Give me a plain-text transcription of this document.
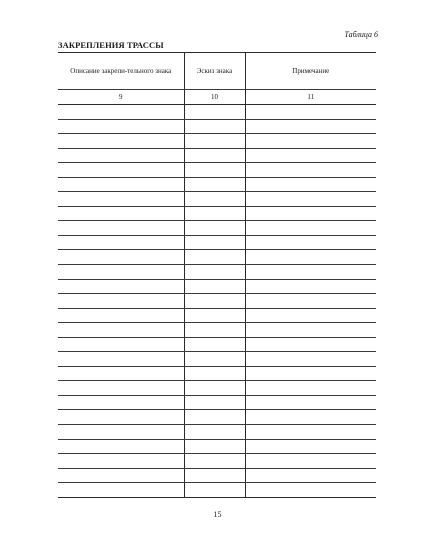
Таблица 6
ЗАКРЕПЛЕНИЯ ТРАССЫ
Описание закрепи-тельного знака	Эскиз знака	Примечание
9	10	11

15
